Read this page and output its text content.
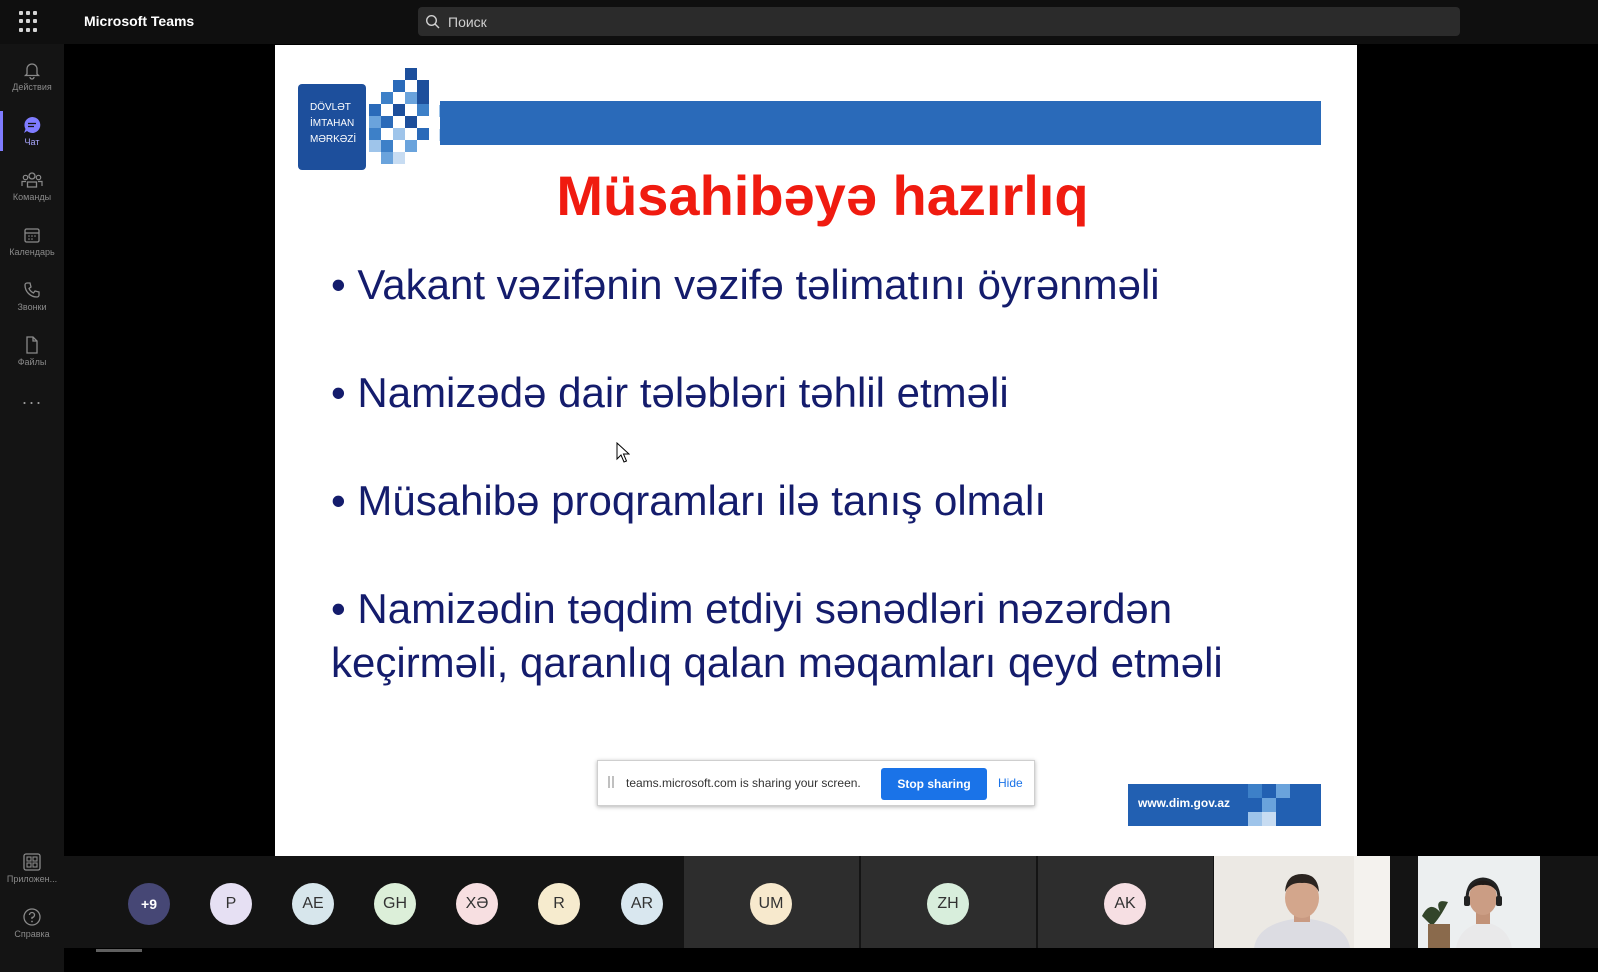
Microsoft Teams	Поиск
Действия
Чат
Команды
Календарь
Звонки
Файлы
···
Приложен...
Справка
DÖVLƏT
İMTAHAN
MƏRKƏZİ
Müsahibəyə hazırlıq
• Vakant vəzifənin vəzifə təlimatını öyrənməli
• Namizədə dair tələbləri təhlil etməli
• Müsahibə proqramları ilə tanış olmalı
• Namizədin təqdim etdiyi sənədləri nəzərdən
keçirməli, qaranlıq qalan məqamları qeyd etməli
www.dim.gov.az
teams.microsoft.com is sharing your screen.	Stop sharing	Hide
+9	P	AE	GH	XƏ	R	AR	UM	ZH	AK
